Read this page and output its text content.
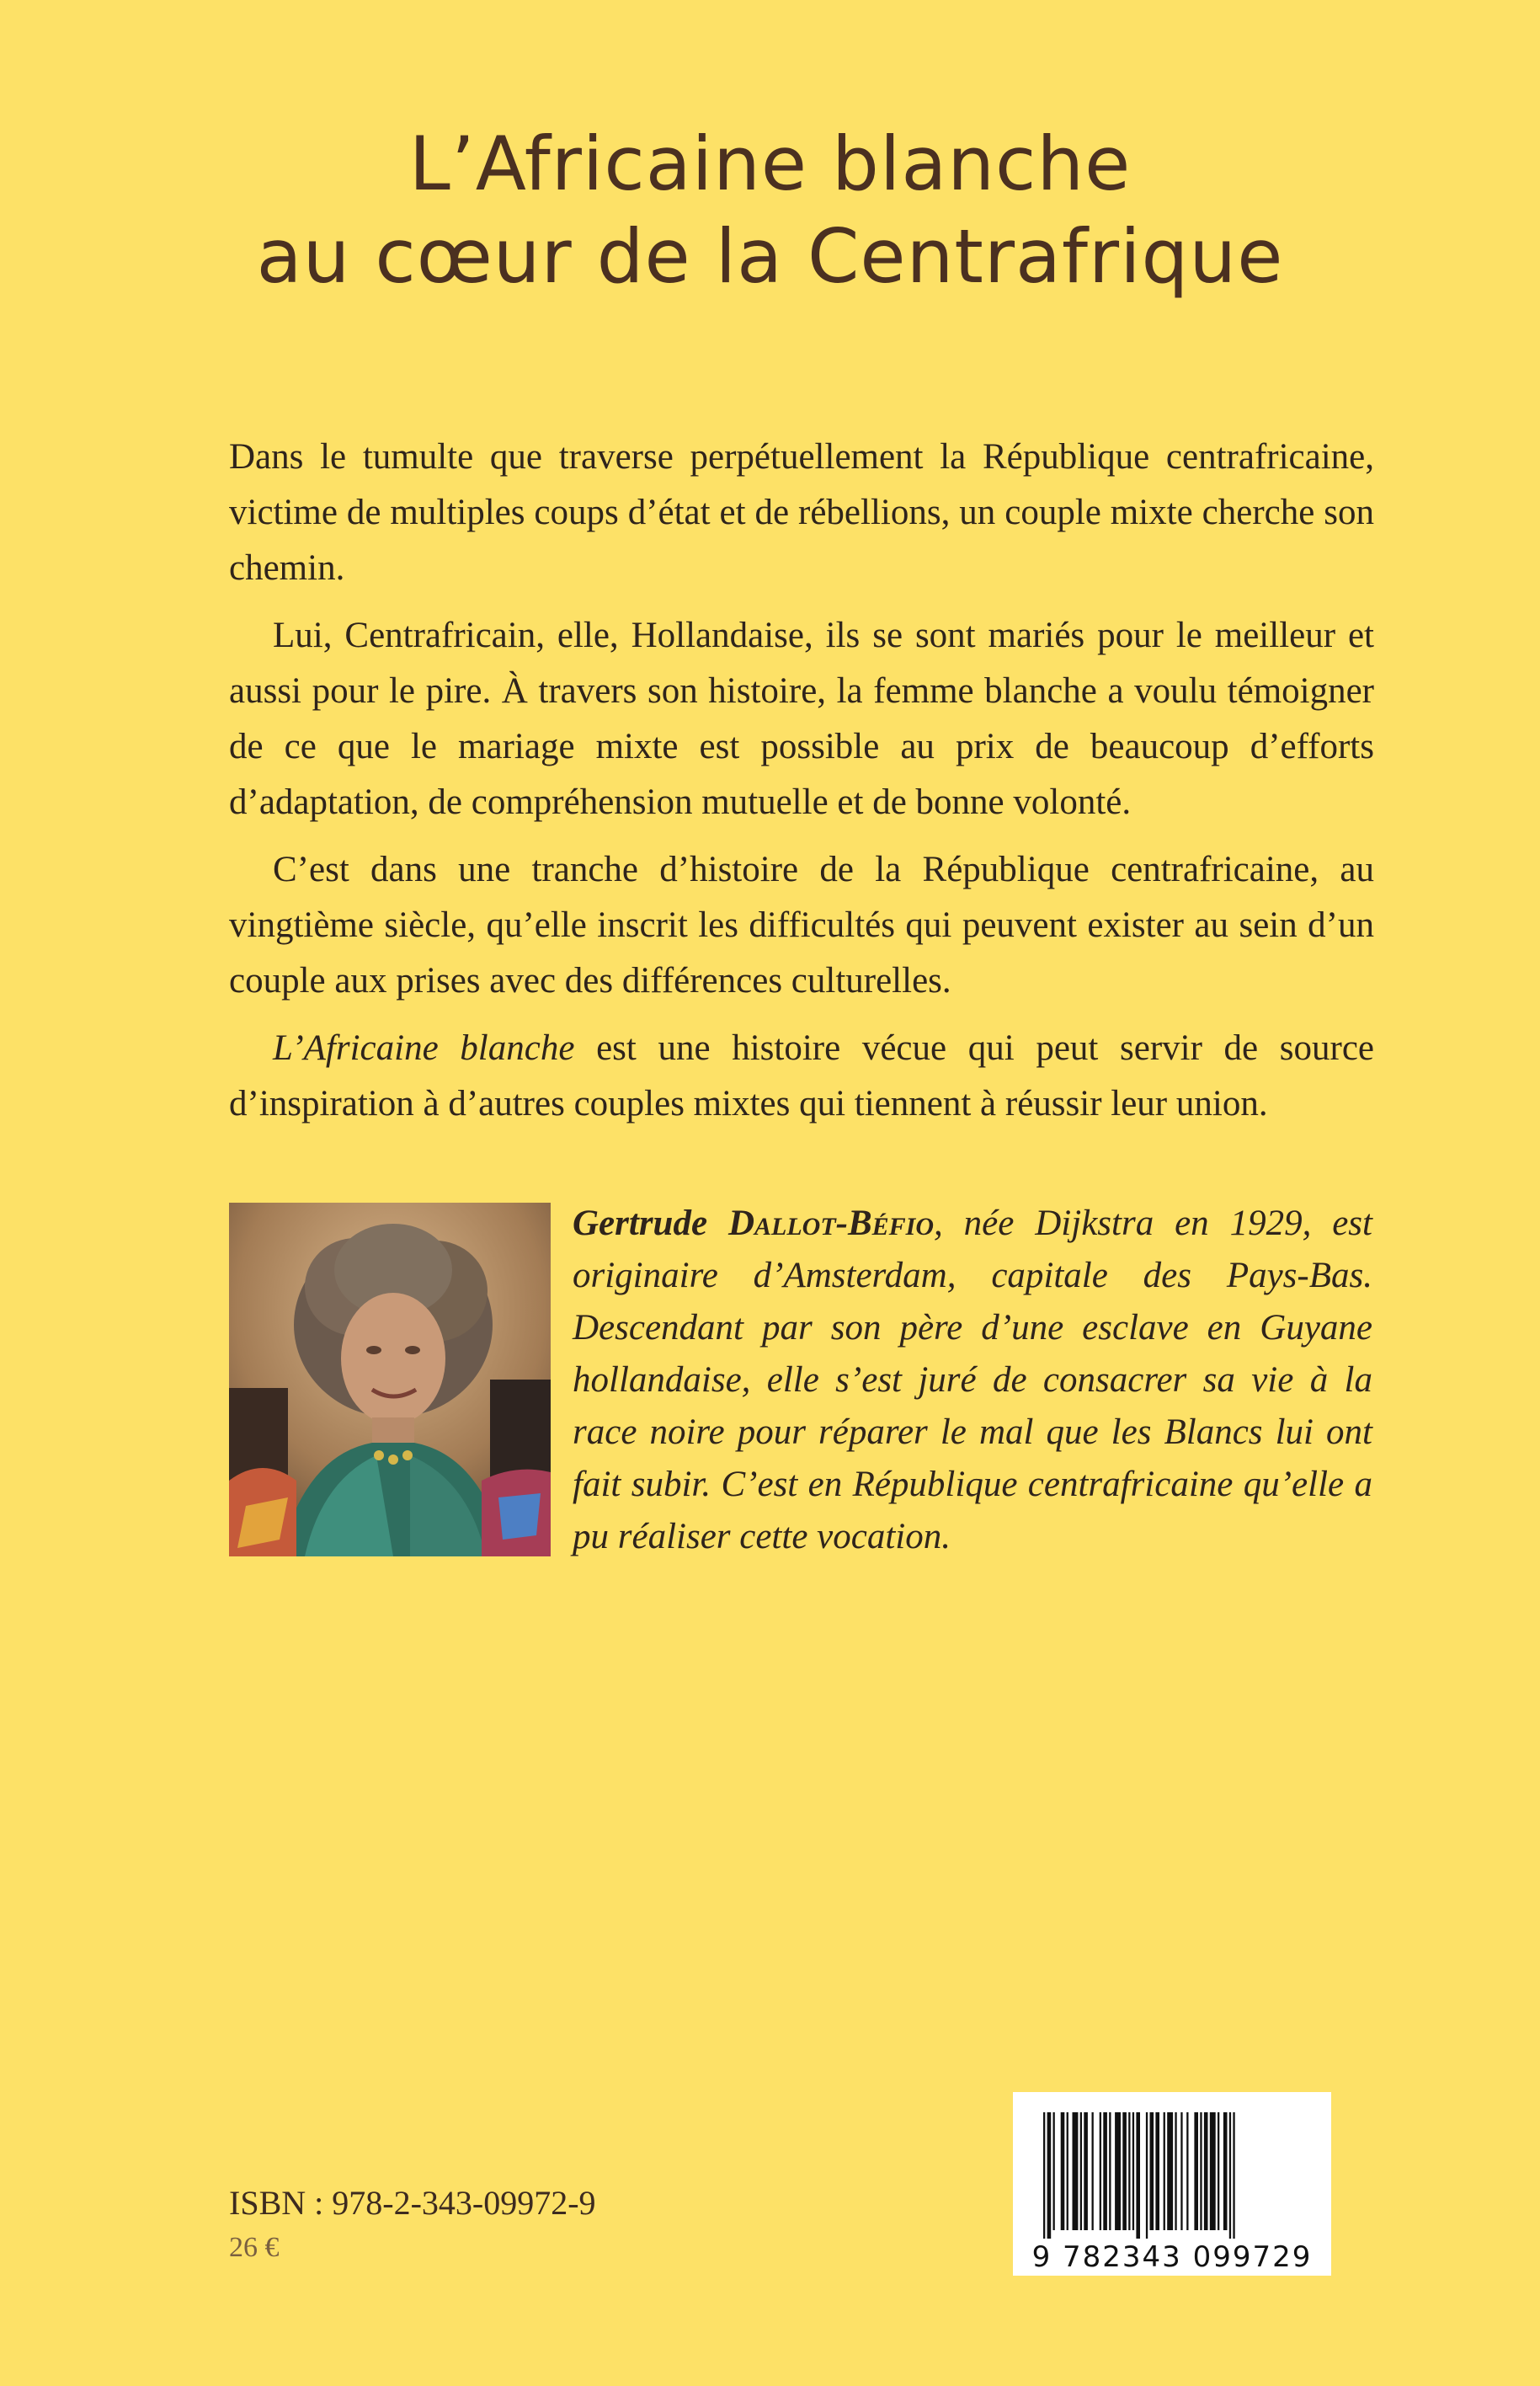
L’Africaine blanche
au cœur de la Centrafrique

Dans le tumulte que traverse perpétuellement la République centrafricaine, victime de multiples coups d’état et de rébellions, un couple mixte cherche son chemin.

Lui, Centrafricain, elle, Hollandaise, ils se sont mariés pour le meilleur et aussi pour le pire. À travers son histoire, la femme blanche a voulu témoigner de ce que le mariage mixte est possible au prix de beaucoup d’efforts d’adaptation, de compréhension mutuelle et de bonne volonté.

C’est dans une tranche d’histoire de la République centrafricaine, au vingtième siècle, qu’elle inscrit les difficultés qui peuvent exister au sein d’un couple aux prises avec des différences culturelles.

L’Africaine blanche est une histoire vécue qui peut servir de source d’inspiration à d’autres couples mixtes qui tiennent à réussir leur union.

Gertrude Dallot-Béfio, née Dijkstra en 1929, est originaire d’Amsterdam, capitale des Pays-Bas. Descendant par son père d’une esclave en Guyane hollandaise, elle s’est juré de consacrer sa vie à la race noire pour réparer le mal que les Blancs lui ont fait subir. C’est en République centrafricaine qu’elle a pu réaliser cette vocation.
9 782343 099729
ISBN : 978-2-343-09972-9
26 €
